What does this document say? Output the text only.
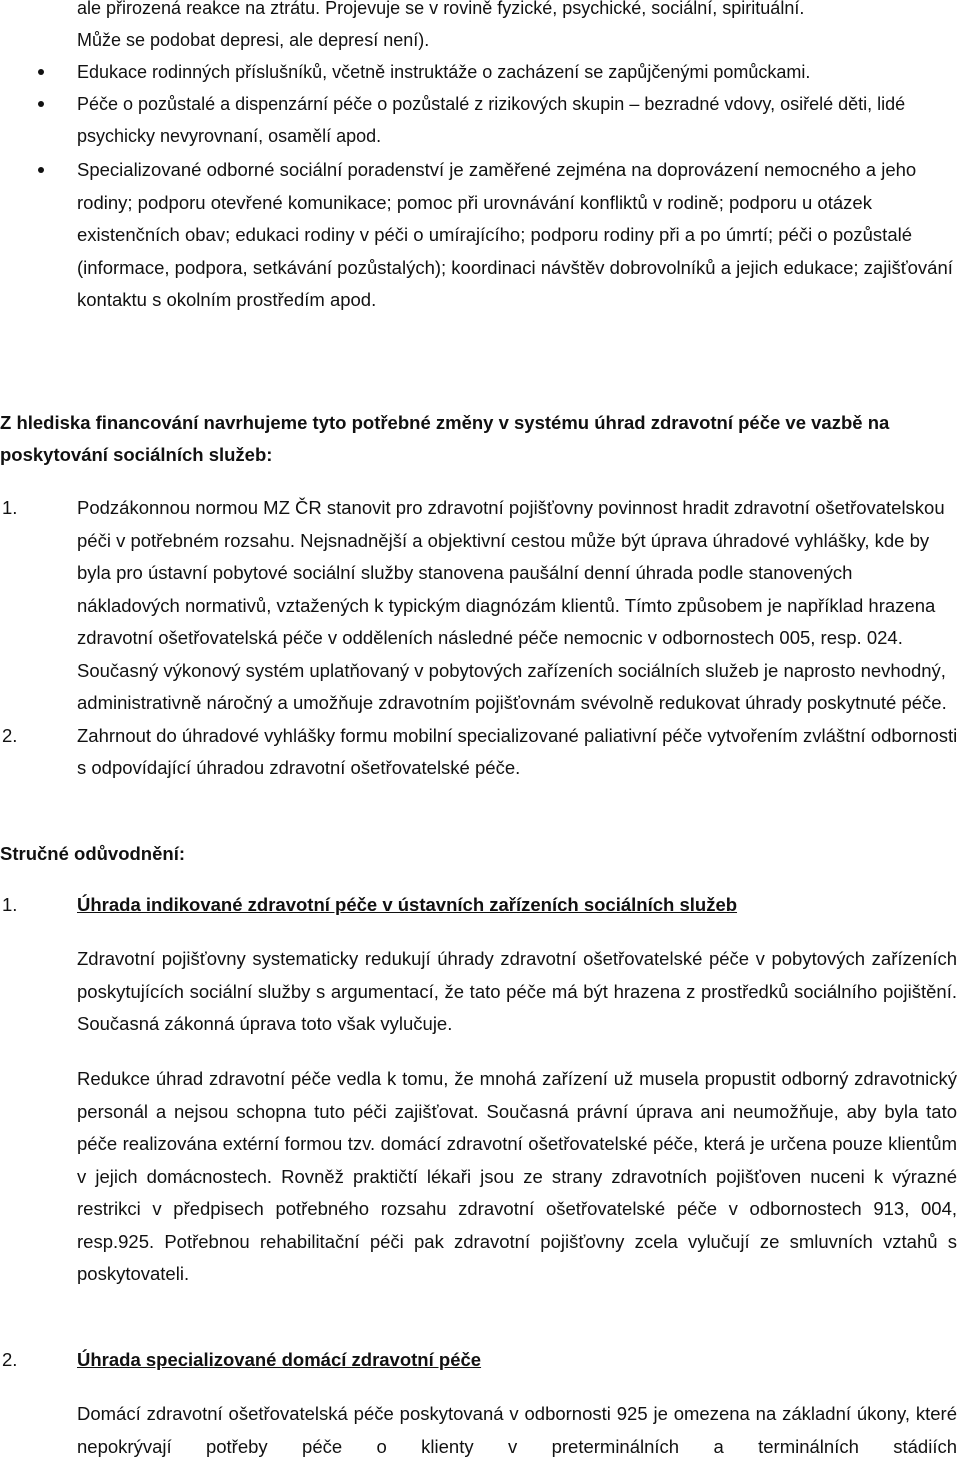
ale přirozená reakce na ztrátu. Projevuje se v rovině fyzické, psychické, sociální, spirituální.
Může se podobat depresi, ale depresí není).
Edukace rodinných příslušníků, včetně instruktáže o zacházení se zapůjčenými pomůckami.
Péče o pozůstalé a dispenzární péče o pozůstalé z rizikových skupin – bezradné vdovy, osiřelé děti, lidé psychicky nevyrovnaní, osamělí apod.
Specializované odborné sociální poradenství je zaměřené zejména na doprovázení nemocného a jeho rodiny; podporu otevřené komunikace; pomoc při urovnávání konfliktů v rodině; podporu u otázek existenčních obav; edukaci rodiny v péči o umírajícího; podporu rodiny při a po úmrtí; péči o pozůstalé (informace, podpora, setkávání pozůstalých); koordinaci návštěv dobrovolníků a jejich edukace; zajišťování kontaktu s okolním prostředím apod.
Z hlediska financování navrhujeme tyto potřebné změny v systému úhrad zdravotní péče ve vazbě na poskytování sociálních služeb:
1.	Podzákonnou normou MZ ČR stanovit pro zdravotní pojišťovny povinnost hradit zdravotní ošetřovatelskou péči v potřebném rozsahu. Nejsnadnější a objektivní cestou může být úprava úhradové vyhlášky, kde by byla pro ústavní pobytové sociální služby stanovena paušální denní úhrada podle stanovených nákladových normativů, vztažených k typickým diagnózám klientů. Tímto způsobem je například hrazena zdravotní ošetřovatelská péče v odděleních následné péče nemocnic v odbornostech 005, resp. 024. Současný výkonový systém uplatňovaný v pobytových zařízeních sociálních služeb je naprosto nevhodný, administrativně náročný a umožňuje zdravotním pojišťovnám svévolně redukovat úhrady poskytnuté péče.
2.	Zahrnout do úhradové vyhlášky formu mobilní specializované paliativní péče vytvořením zvláštní odbornosti s odpovídající úhradou zdravotní ošetřovatelské péče.
Stručné odůvodnění:
1.	Úhrada indikované zdravotní péče v ústavních zařízeních sociálních služeb
Zdravotní pojišťovny systematicky redukují úhrady zdravotní ošetřovatelské péče v pobytových zařízeních poskytujících sociální služby s argumentací, že tato péče má být hrazena z prostředků sociálního pojištění. Současná zákonná úprava toto však vylučuje.
Redukce úhrad zdravotní péče vedla k tomu, že mnohá zařízení už musela propustit odborný zdravotnický personál a nejsou schopna tuto péči zajišťovat. Současná právní úprava ani neumožňuje, aby byla tato péče realizována extérní formou tzv. domácí zdravotní ošetřovatelské péče, která je určena pouze klientům v jejich domácnostech. Rovněž praktičtí lékaři jsou ze strany zdravotních pojišťoven nuceni k výrazné restrikci v předpisech potřebného rozsahu zdravotní ošetřovatelské péče v odbornostech 913, 004, resp.925. Potřebnou rehabilitační péči pak zdravotní pojišťovny zcela vylučují ze smluvních vztahů s poskytovateli.
2.	Úhrada specializované domácí zdravotní péče
Domácí zdravotní ošetřovatelská péče poskytovaná v odbornosti 925 je omezena na základní úkony, které nepokrývají potřeby péče o klienty v preterminálních a terminálních stádiích
